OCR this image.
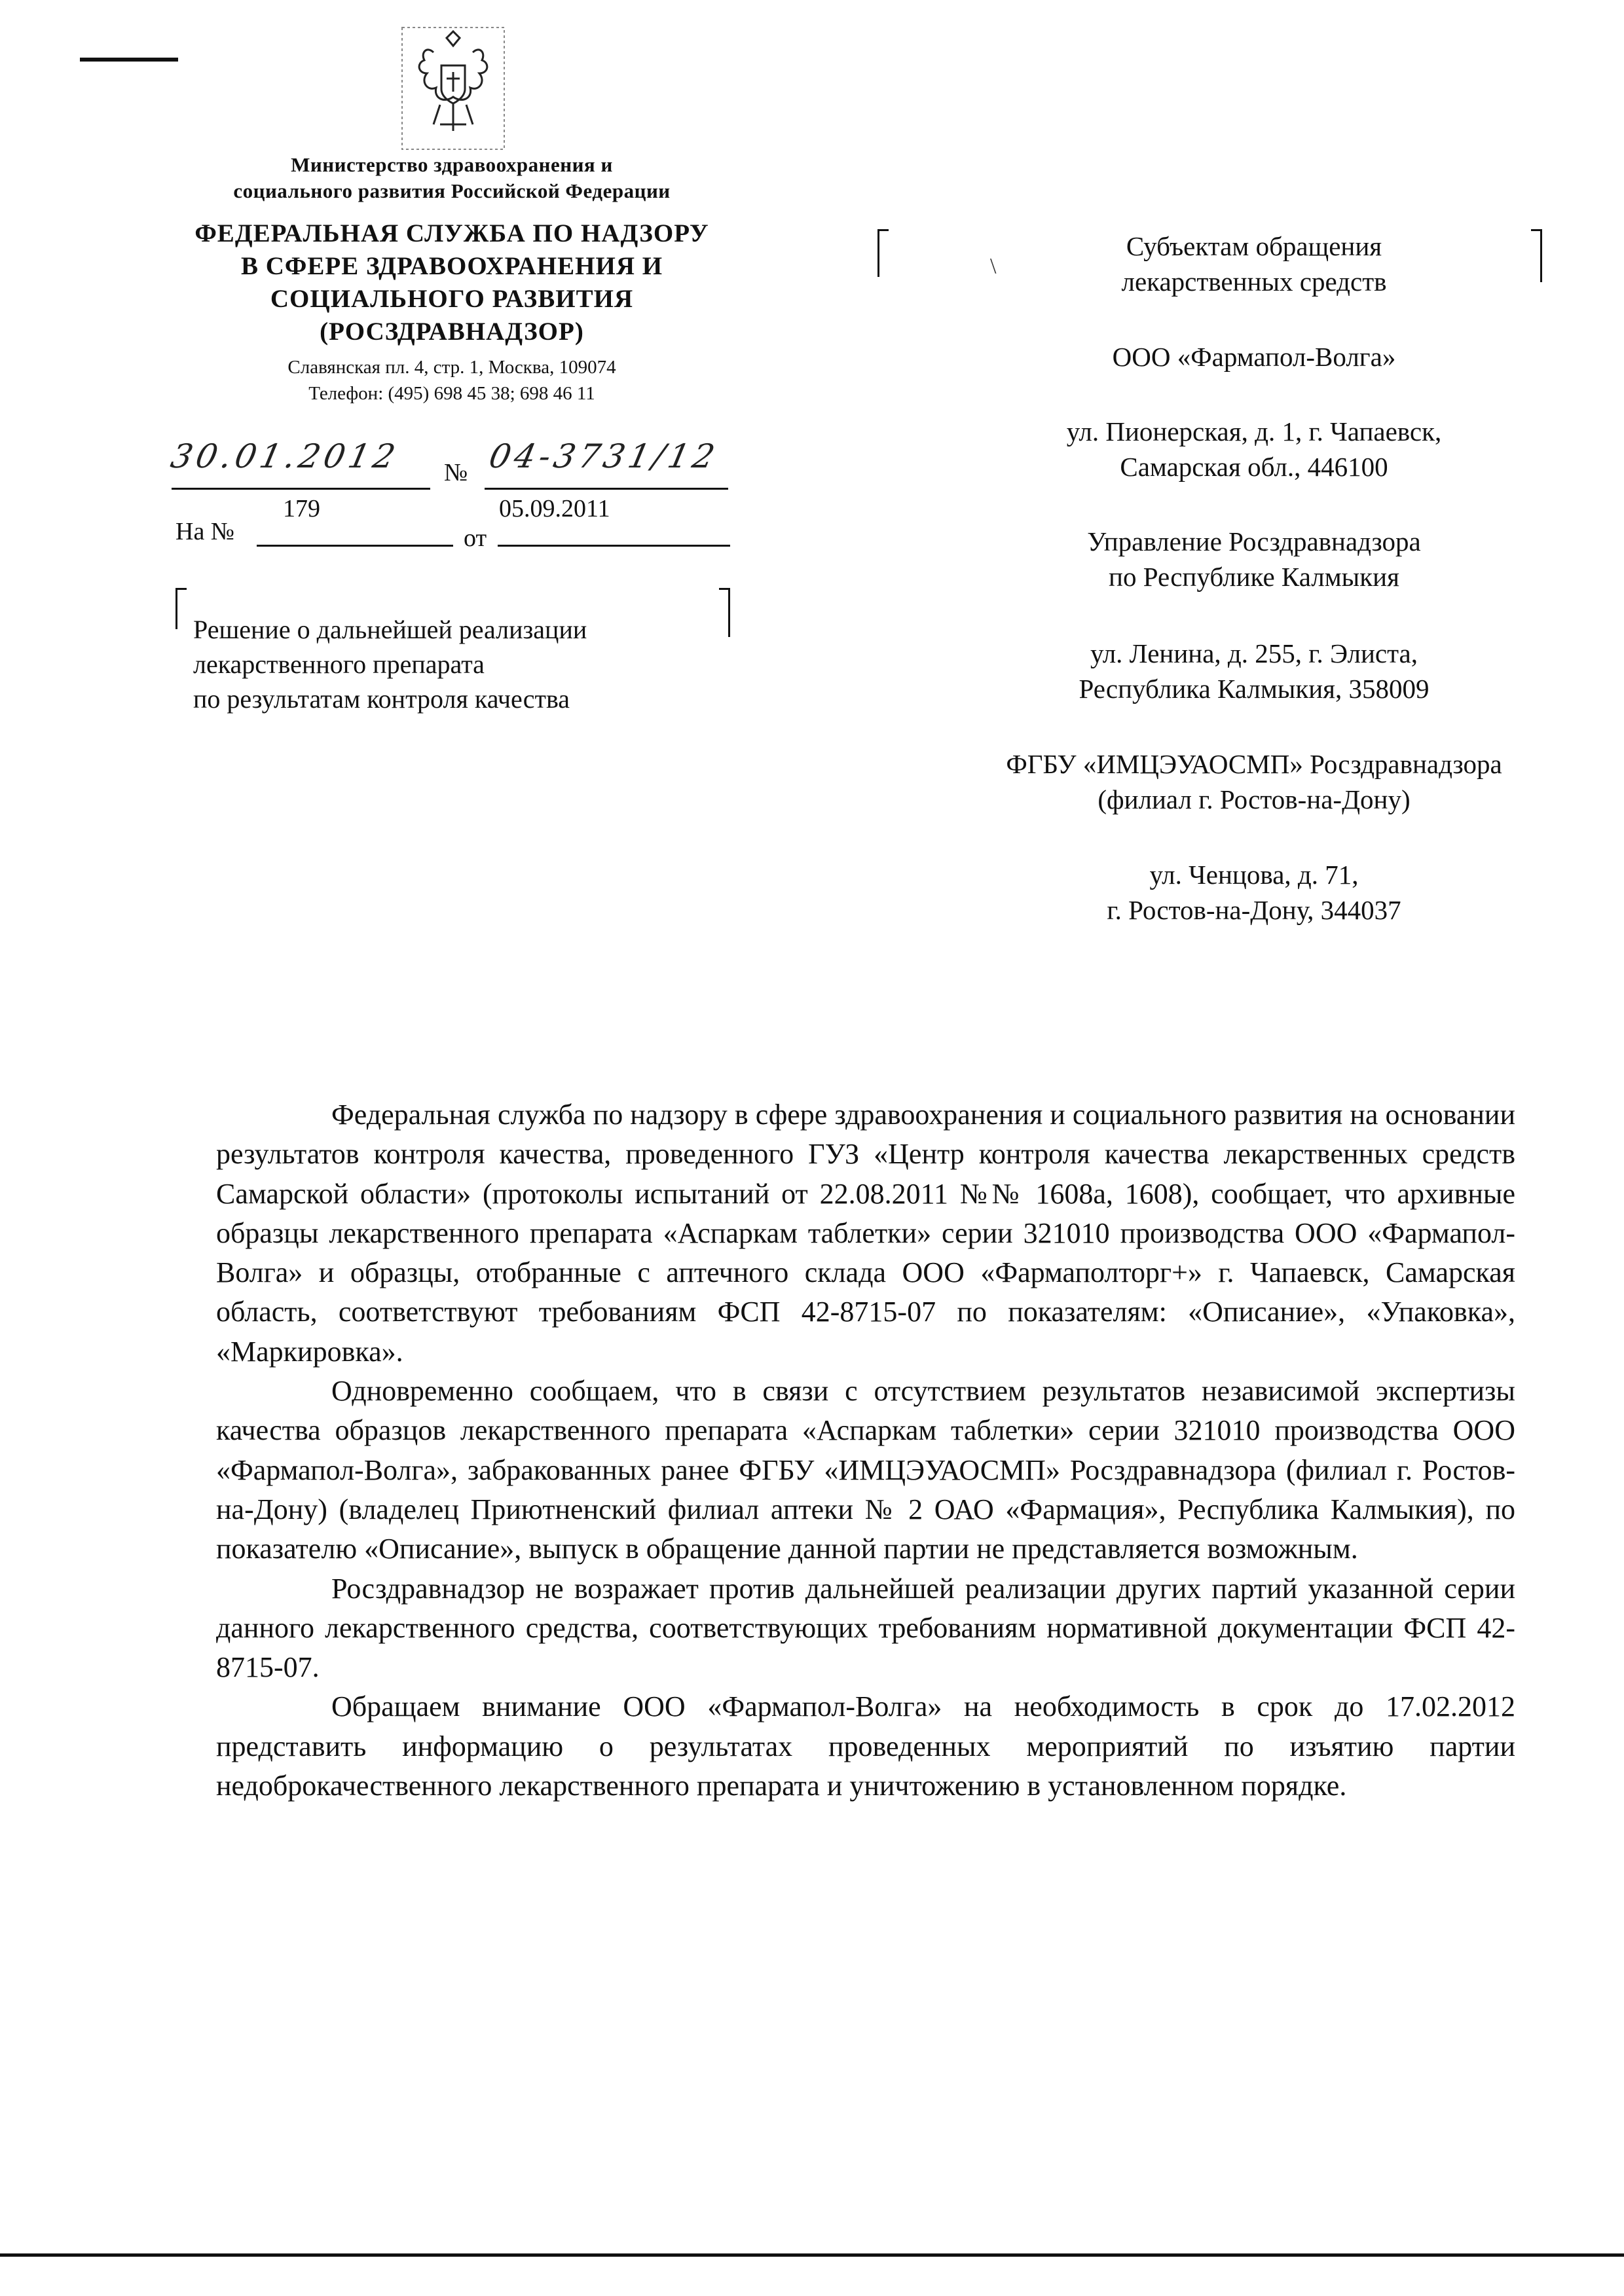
Министерство здравоохранения и
социального развития Российской Федерации
ФЕДЕРАЛЬНАЯ СЛУЖБА ПО НАДЗОРУ
В СФЕРЕ ЗДРАВООХРАНЕНИЯ И
СОЦИАЛЬНОГО РАЗВИТИЯ
(РОСЗДРАВНАДЗОР)
Славянская пл. 4, стр. 1, Москва, 109074
Телефон: (495) 698 45 38; 698 46 11
30.01.2012 № 04-3731/12
На №
179
от
05.09.2011
Решение о дальнейшей реализации
лекарственного препарата
по результатам контроля качества
\
Субъектам обращения
лекарственных средств
ООО «Фармапол-Волга»
ул. Пионерская, д. 1, г. Чапаевск,
Самарская обл., 446100
Управление Росздравнадзора
по Республике Калмыкия
ул. Ленина, д. 255, г. Элиста,
Республика Калмыкия, 358009
ФГБУ «ИМЦЭУАОСМП» Росздравнадзора
(филиал г. Ростов-на-Дону)
ул. Ченцова, д. 71,
г. Ростов-на-Дону, 344037

Федеральная служба по надзору в сфере здравоохранения и социального развития на основании результатов контроля качества, проведенного ГУЗ «Центр контроля качества лекарственных средств Самарской области» (протоколы испытаний от 22.08.2011 №№ 1608а, 1608), сообщает, что архивные образцы лекарственного препарата «Аспаркам таблетки» серии 321010 производства ООО «Фармапол-Волга» и образцы, отобранные с аптечного склада ООО «Фармаполторг+» г. Чапаевск, Самарская область, соответствуют требованиям ФСП 42-8715-07 по показателям: «Описание», «Упаковка», «Маркировка».

Одновременно сообщаем, что в связи с отсутствием результатов независимой экспертизы качества образцов лекарственного препарата «Аспаркам таблетки» серии 321010 производства ООО «Фармапол-Волга», забракованных ранее ФГБУ «ИМЦЭУАОСМП» Росздравнадзора (филиал г. Ростов-на-Дону) (владелец Приютненский филиал аптеки № 2 ОАО «Фармация», Республика Калмыкия), по показателю «Описание», выпуск в обращение данной партии не представляется возможным.

Росздравнадзор не возражает против дальнейшей реализации других партий указанной серии данного лекарственного средства, соответствующих требованиям нормативной документации ФСП 42-8715-07.

Обращаем внимание ООО «Фармапол-Волга» на необходимость в срок до 17.02.2012 представить информацию о результатах проведенных мероприятий по изъятию партии недоброкачественного лекарственного препарата и уничтожению в установленном порядке.
